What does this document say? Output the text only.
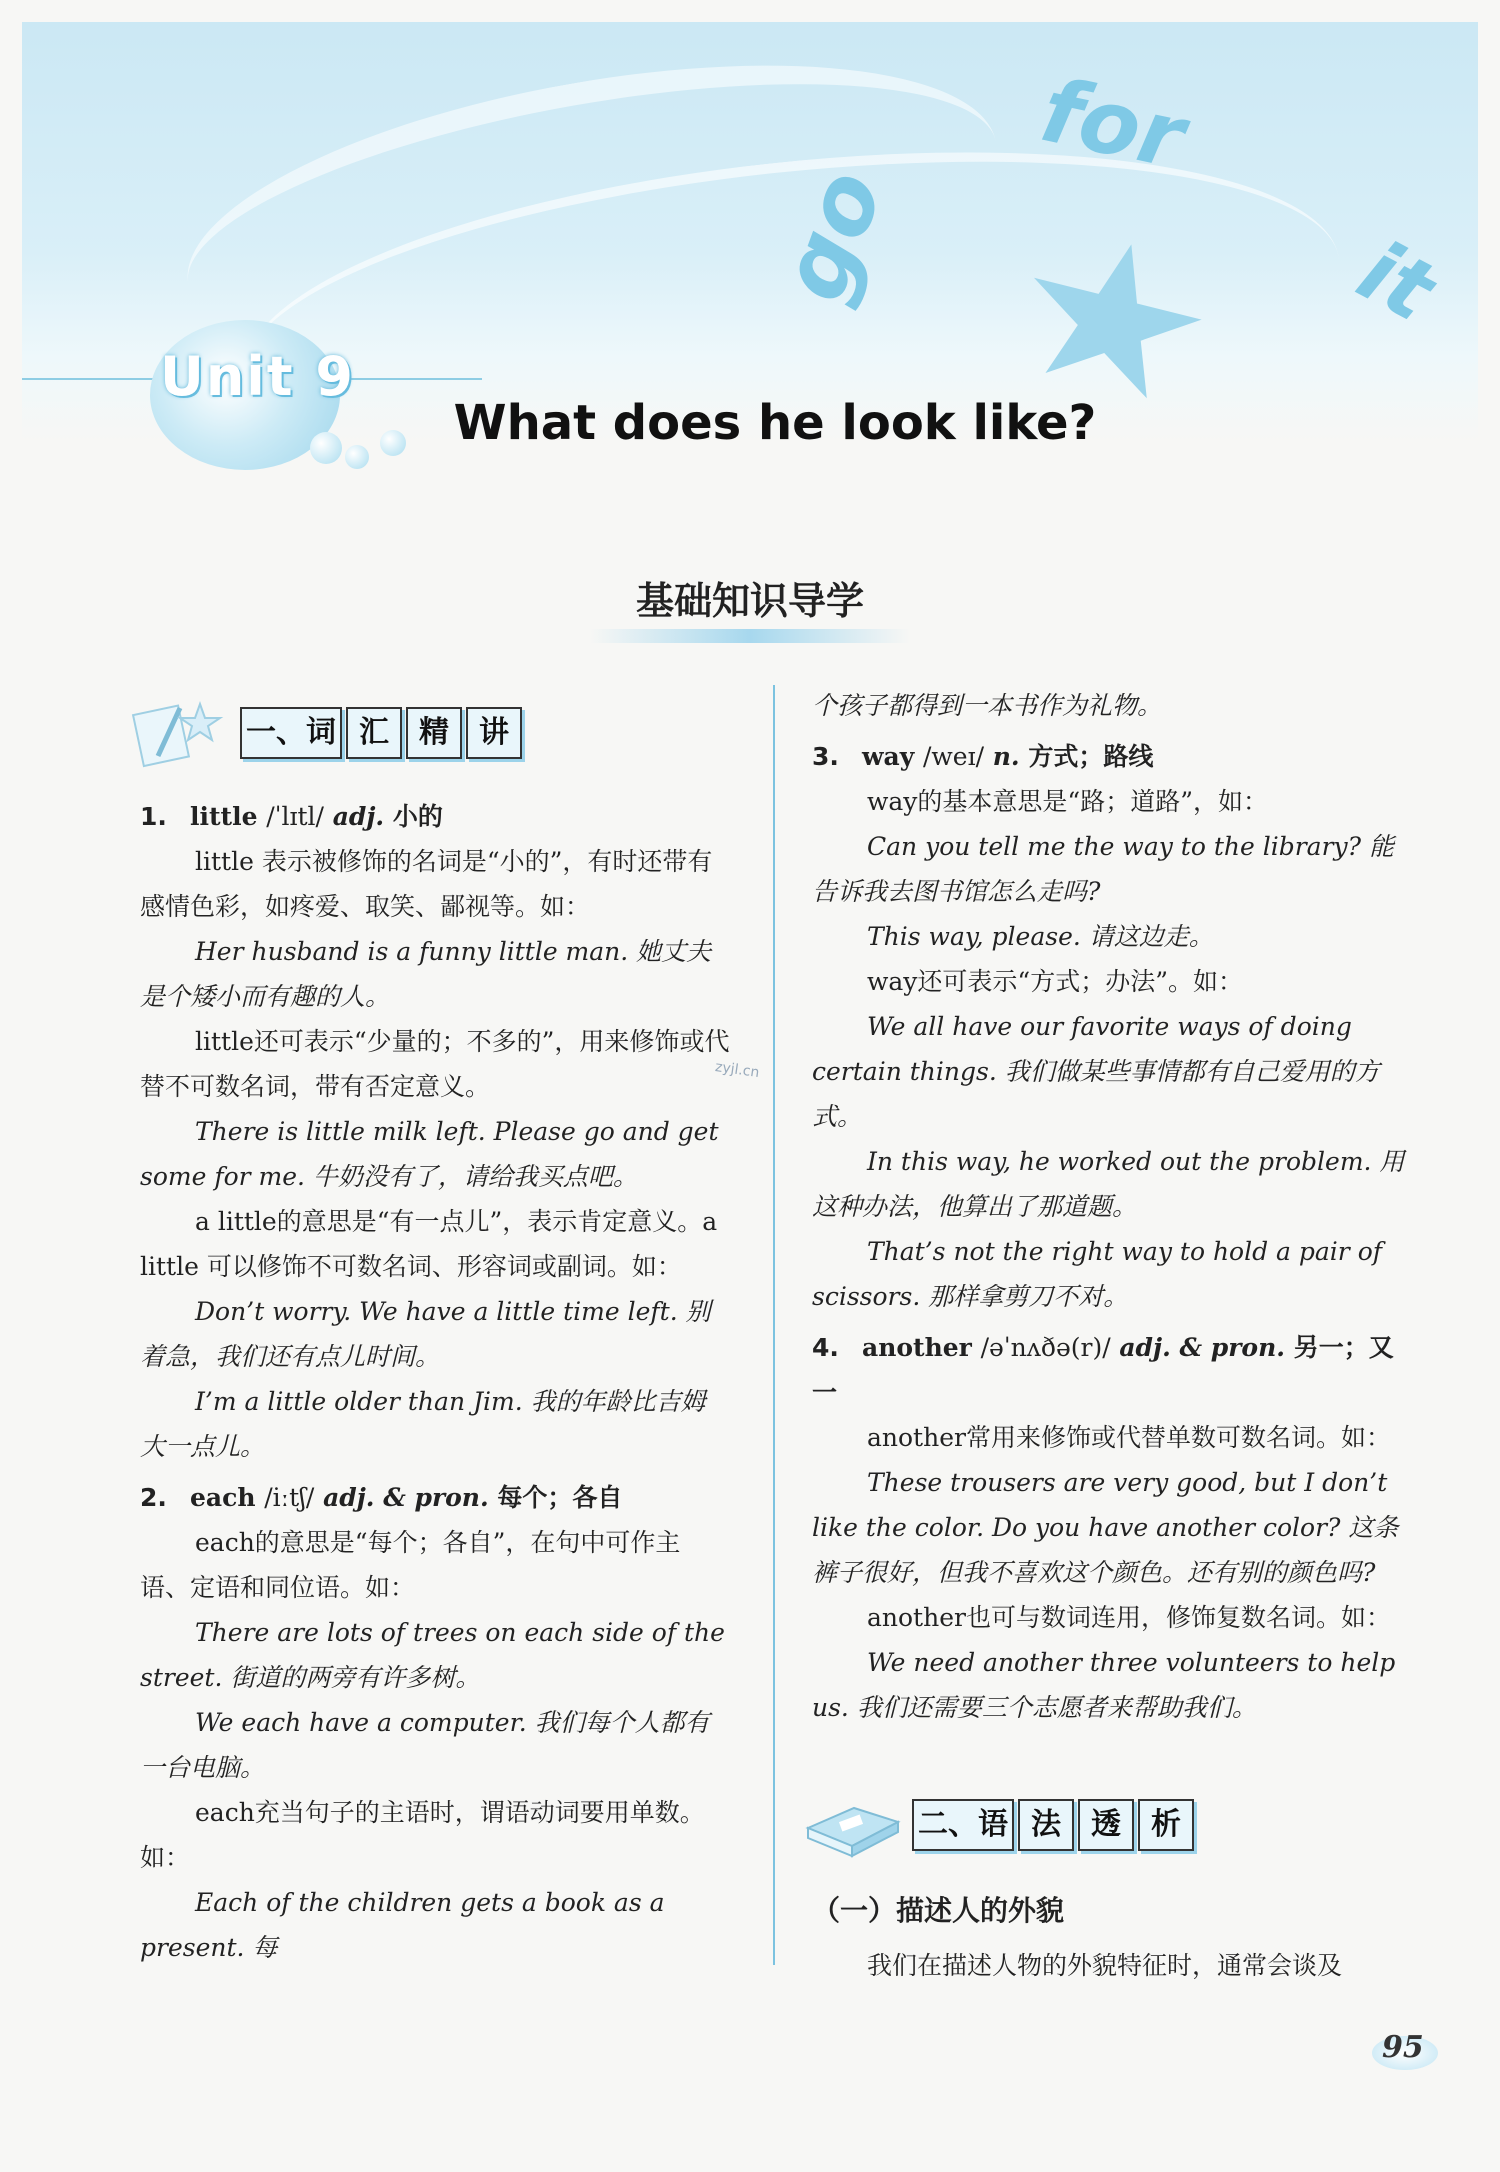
go
for
it
Unit 9
What does he look like?
基础知识导学
一、词 汇	精	讲

1. little /ˈlɪtl/ adj. 小的

little 表示被修饰的名词是“小的”，有时还带有感情色彩，如疼爱、取笑、鄙视等。如：

Her husband is a funny little man. 她丈夫是个矮小而有趣的人。

little还可表示“少量的；不多的”，用来修饰或代替不可数名词，带有否定意义。

There is little milk left. Please go and get some for me. 牛奶没有了，请给我买点吧。

a little的意思是“有一点儿”，表示肯定意义。a little 可以修饰不可数名词、形容词或副词。如：

Don’t worry. We have a little time left. 别着急，我们还有点儿时间。

I’m a little older than Jim. 我的年龄比吉姆大一点儿。

2. each /iːtʃ/ adj. & pron. 每个；各自

each的意思是“每个；各自”，在句中可作主语、定语和同位语。如：

There are lots of trees on each side of the street. 街道的两旁有许多树。

We each have a computer. 我们每个人都有一台电脑。

each充当句子的主语时，谓语动词要用单数。如：

Each of the children gets a book as a present. 每

个孩子都得到一本书作为礼物。

3. way /weɪ/ n. 方式；路线

way的基本意思是“路；道路”，如：

Can you tell me the way to the library? 能告诉我去图书馆怎么走吗?

This way, please. 请这边走。

way还可表示“方式；办法”。如：

We all have our favorite ways of doing certain things. 我们做某些事情都有自己爱用的方式。

In this way, he worked out the problem. 用这种办法，他算出了那道题。

That’s not the right way to hold a pair of scissors. 那样拿剪刀不对。

4. another /əˈnʌðə(r)/ adj. & pron. 另一；又一

another常用来修饰或代替单数可数名词。如：

These trousers are very good, but I don’t like the color. Do you have another color? 这条裤子很好，但我不喜欢这个颜色。还有别的颜色吗?

another也可与数词连用，修饰复数名词。如：

We need another three volunteers to help us. 我们还需要三个志愿者来帮助我们。

二、语 法	透	析

（一）描述人的外貌

我们在描述人物的外貌特征时，通常会谈及

zyjl.cn
95
